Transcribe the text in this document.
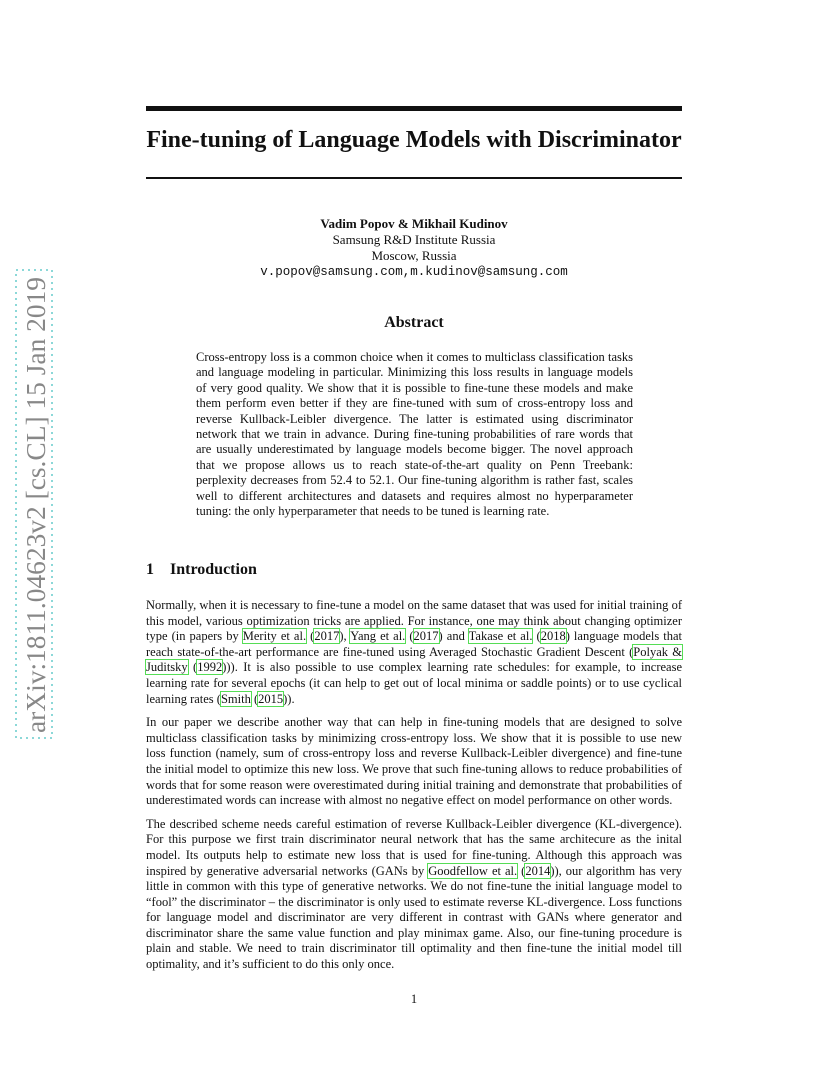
arXiv:1811.04623v2 [cs.CL] 15 Jan 2019
Fine-tuning of Language Models with Discriminator
Vadim Popov & Mikhail Kudinov
Samsung R&D Institute Russia
Moscow, Russia
v.popov@samsung.com,m.kudinov@samsung.com
Abstract

Cross-entropy loss is a common choice when it comes to multiclass classification tasks and language modeling in particular. Minimizing this loss results in language models of very good quality. We show that it is possible to fine-tune these models and make them perform even better if they are fine-tuned with sum of cross-entropy loss and reverse Kullback-Leibler divergence. The latter is estimated using discriminator network that we train in advance. During fine-tuning probabilities of rare words that are usually underestimated by language models become bigger. The novel approach that we propose allows us to reach state-of-the-art quality on Penn Treebank: perplexity decreases from 52.4 to 52.1. Our fine-tuning algorithm is rather fast, scales well to different architectures and datasets and requires almost no hyperparameter tuning: the only hyperparameter that needs to be tuned is learning rate.

1 Introduction

Normally, when it is necessary to fine-tune a model on the same dataset that was used for initial training of this model, various optimization tricks are applied. For instance, one may think about changing optimizer type (in papers by Merity et al. (2017), Yang et al. (2017) and Takase et al. (2018) language models that reach state-of-the-art performance are fine-tuned using Averaged Stochastic Gradient Descent (Polyak & Juditsky (1992))). It is also possible to use complex learning rate schedules: for example, to increase learning rate for several epochs (it can help to get out of local minima or saddle points) or to use cyclical learning rates (Smith (2015)).

In our paper we describe another way that can help in fine-tuning models that are designed to solve multiclass classification tasks by minimizing cross-entropy loss. We show that it is possible to use new loss function (namely, sum of cross-entropy loss and reverse Kullback-Leibler divergence) and fine-tune the initial model to optimize this new loss. We prove that such fine-tuning allows to reduce probabilities of words that for some reason were overestimated during initial training and demonstrate that probabilities of underestimated words can increase with almost no negative effect on model performance on other words.

The described scheme needs careful estimation of reverse Kullback-Leibler divergence (KL-divergence). For this purpose we first train discriminator neural network that has the same architecure as the inital model. Its outputs help to estimate new loss that is used for fine-tuning. Although this approach was inspired by generative adversarial networks (GANs by Goodfellow et al. (2014)), our algorithm has very little in common with this type of generative networks. We do not fine-tune the initial language model to “fool” the discriminator – the discriminator is only used to estimate reverse KL-divergence. Loss functions for language model and discriminator are very different in contrast with GANs where generator and discriminator share the same value function and play minimax game. Also, our fine-tuning procedure is plain and stable. We need to train discriminator till optimality and then fine-tune the initial model till optimality, and it’s sufficient to do this only once.

1
